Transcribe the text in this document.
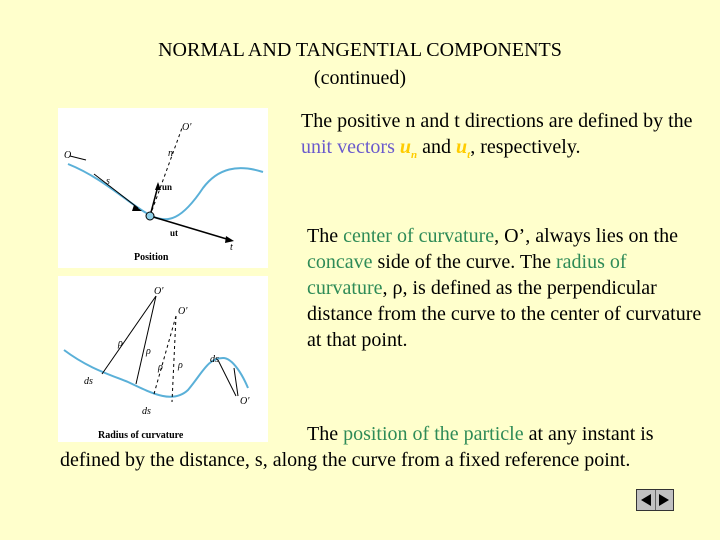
NORMAL AND TANGENTIAL COMPONENTS
(continued)
O'
O
s	un
ut
t
n
Position
O'
O'
O'
ρ
ρ
ρ ρ
ds
ds
ds
Radius of curvature
The positive n and t directions are defined by the unit vectors $u_n$ and $u_t$, respectively.
The center of curvature, O’, always lies on the concave side of the curve. The radius of curvature, ρ, is defined as the perpendicular distance from the curve to the center of curvature at that point.
The position of the particle at any instant is defined by the distance, s, along the curve from a fixed reference point.
